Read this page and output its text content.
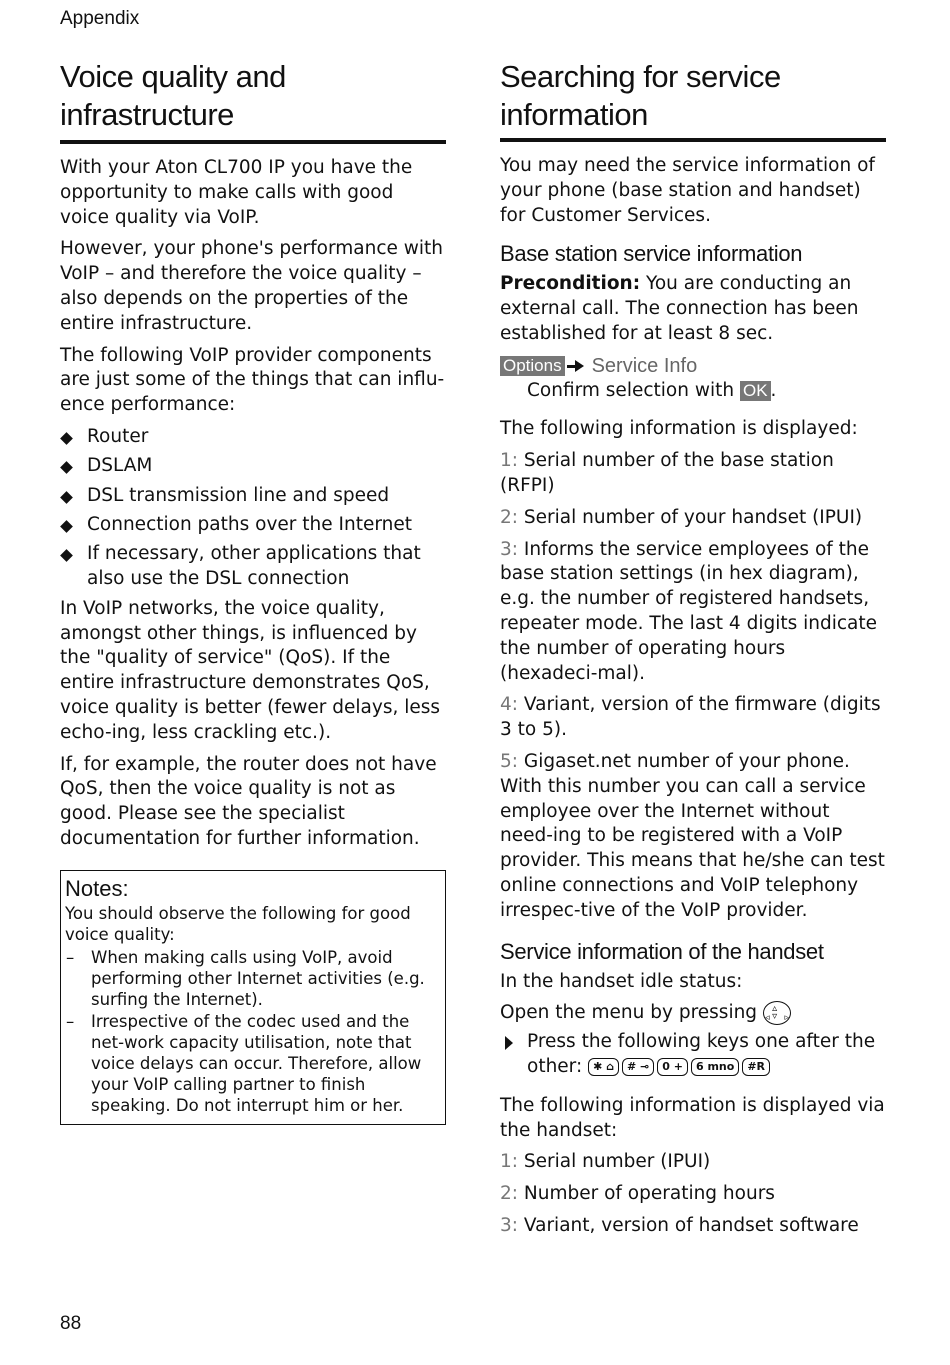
Appendix
Voice quality and infrastructure

With your Aton CL700 IP you have the opportunity to make calls with good voice quality via VoIP.

However, your phone's performance with VoIP – and therefore the voice quality – also depends on the properties of the entire infrastructure.

The following VoIP provider components are just some of the things that can influ-ence performance:

Router
DSLAM
DSL transmission line and speed
Connection paths over the Internet
If necessary, other applications that also use the DSL connection

In VoIP networks, the voice quality, amongst other things, is influenced by the "quality of service" (QoS). If the entire infrastructure demonstrates QoS, voice quality is better (fewer delays, less echo-ing, less crackling etc.).

If, for example, the router does not have QoS, then the voice quality is not as good. Please see the specialist documentation for further information.

Notes:

You should observe the following for good voice quality:

– When making calls using VoIP, avoid performing other Internet activities (e.g. surfing the Internet).
– Irrespective of the codec used and the net-work capacity utilisation, note that voice delays can occur. Therefore, allow your VoIP calling partner to finish speaking. Do not interrupt him or her.
Searching for service information

You may need the service information of your phone (base station and handset) for Customer Services.

Base station service information

Precondition: You are conducting an external call. The connection has been established for at least 8 sec.

Options Service Info

Confirm selection with OK .

The following information is displayed:

1: Serial number of the base station (RFPI)

2: Serial number of your handset (IPUI)

3: Informs the service employees of the base station settings (in hex diagram), e.g. the number of registered handsets, repeater mode. The last 4 digits indicate the number of operating hours (hexadeci-mal).

4: Variant, version of the firmware (digits 3 to 5).

5: Gigaset.net number of your phone. With this number you can call a service employee over the Internet without need-ing to be registered with a VoIP provider. This means that he/she can test online connections and VoIP telephony irrespec-tive of the VoIP provider.

Service information of the handset

In the handset idle status:

Open the menu by pressing
▵ ◃ ▹
▿

Press the following keys one after the other: ✱ ⌂ # ⊸ 0 + 6 mno #R

The following information is displayed via the handset:

1: Serial number (IPUI)

2: Number of operating hours

3: Variant, version of handset software

88
